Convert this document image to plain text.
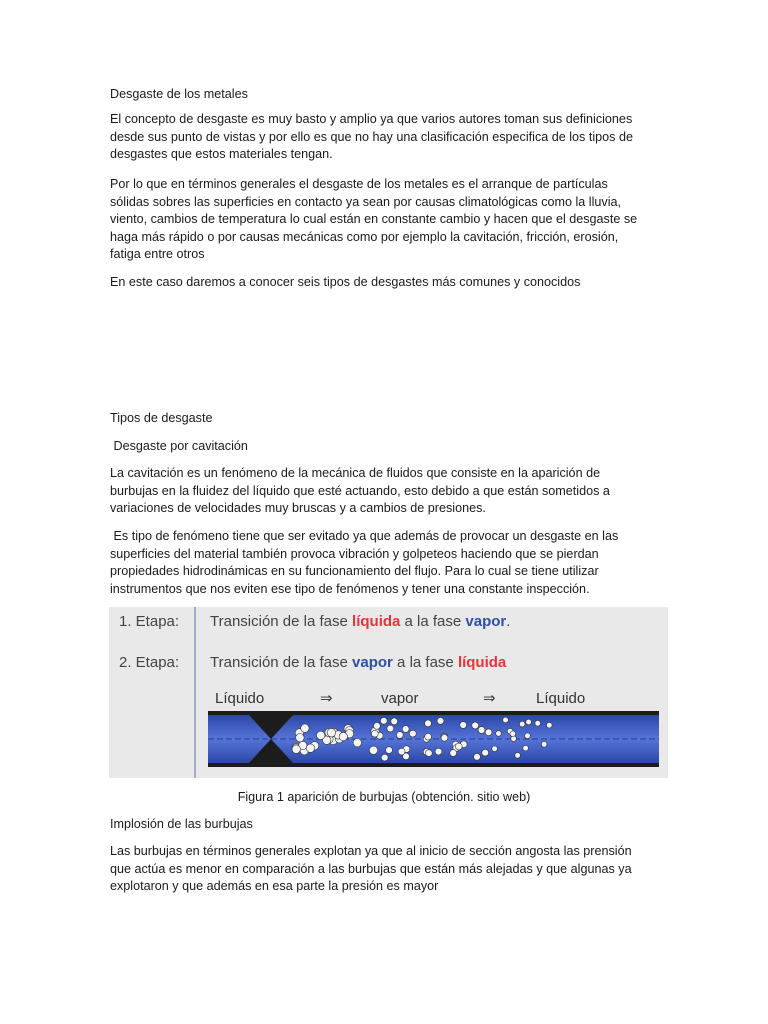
Desgaste de los metales
El concepto de desgaste es muy basto y amplio ya que varios autores toman sus definiciones
desde sus punto de vistas y por ello es que no hay una clasificación especifica de los tipos de
desgastes que estos materiales tengan.
Por lo que en términos generales el desgaste de los metales es el arranque de partículas
sólidas sobres las superficies en contacto ya sean por causas climatológicas como la lluvia,
viento, cambios de temperatura lo cual están en constante cambio y hacen que el desgaste se
haga más rápido o por causas mecánicas como por ejemplo la cavitación, fricción, erosión,
fatiga entre otros
En este caso daremos a conocer seis tipos de desgastes más comunes y conocidos
Tipos de desgaste
Desgaste por cavitación
La cavitación es un fenómeno de la mecánica de fluidos que consiste en la aparición de
burbujas en la fluidez del líquido que esté actuando, esto debido a que están sometidos a
variaciones de velocidades muy bruscas y a cambios de presiones.
Es tipo de fenómeno tiene que ser evitado ya que además de provocar un desgaste en las
superficies del material también provoca vibración y golpeteos haciendo que se pierdan
propiedades hidrodinámicas en su funcionamiento del flujo. Para lo cual se tiene utilizar
instrumentos que nos eviten ese tipo de fenómenos y tener una constante inspección.
1. Etapa: Transición de la fase líquida a la fase vapor.
2. Etapa: Transición de la fase vapor a la fase líquida
Líquido	⇒	vapor	⇒	Líquido
Figura 1 aparición de burbujas (obtención. sitio web)
Implosión de las burbujas
Las burbujas en términos generales explotan ya que al inicio de sección angosta las prensión
que actúa es menor en comparación a las burbujas que están más alejadas y que algunas ya
explotaron y que además en esa parte la presión es mayor
